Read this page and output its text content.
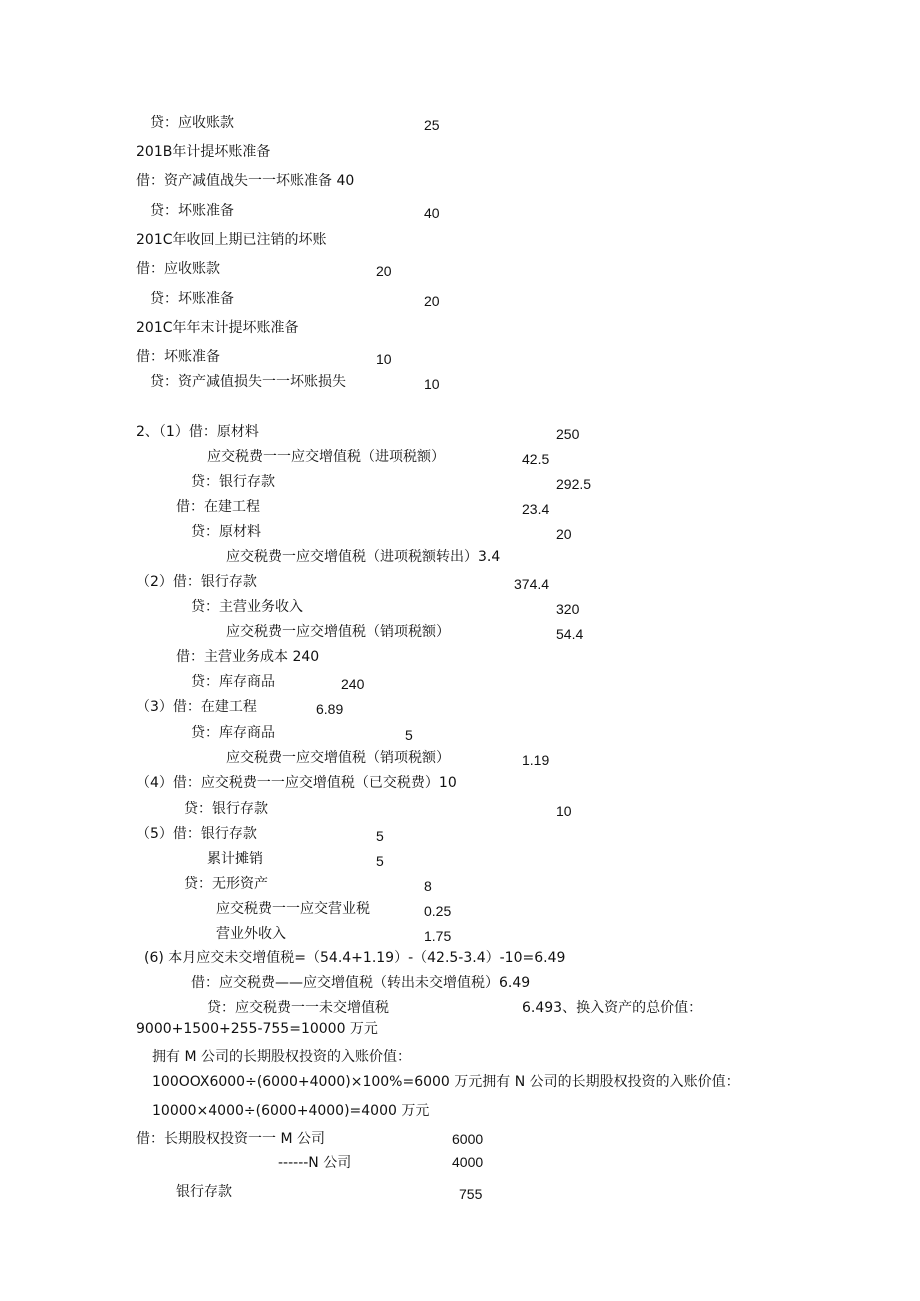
贷：应收账款	25
201B年计提坏账准备
借：资产减值战失一一坏账准备 40
贷：坏账准备	40
201C年收回上期已注销的坏账
借：应收账款	20
贷：坏账准备	20
201C年年末计提坏账准备
借：坏账准备	10
贷：资产减值损失一一坏账损失	10
2、（1）借：原材料	250
应交税费一一应交增值税（进项税额）	42.5
贷：银行存款	292.5
借：在建工程	23.4
贷：原材料	20
应交税费一应交增值税（进项税额转出）3.4
（2）借：银行存款	374.4
贷：主营业务收入	320
应交税费一应交增值税（销项税额）	54.4
借：主营业务成本 240
贷：库存商品	240
（3）借：在建工程	6.89
贷：库存商品	5
应交税费一应交增值税（销项税额）	1.19
（4）借：应交税费一一应交增值税（已交税费）10
贷：银行存款	10
（5）借：银行存款	5
累计摊销	5
贷：无形资产	8
应交税费一一应交营业税	0.25
营业外收入	1.75
(6) 本月应交未交增值税=（54.4+1.19）-（42.5-3.4）-10=6.49
借：应交税费——应交增值税（转出未交增值税）6.49
贷：应交税费一一未交增值税	6.493、换入资产的总价值：
9000+1500+255-755=10000 万元
拥有 M 公司的长期股权投资的入账价值：
100OOX6000÷(6000+4000)×100%=6000 万元拥有 N 公司的长期股权投资的入账价值：
10000×4000÷(6000+4000)=4000 万元
借：长期股权投资一一 M 公司	6000
------N 公司	4000
银行存款	755
